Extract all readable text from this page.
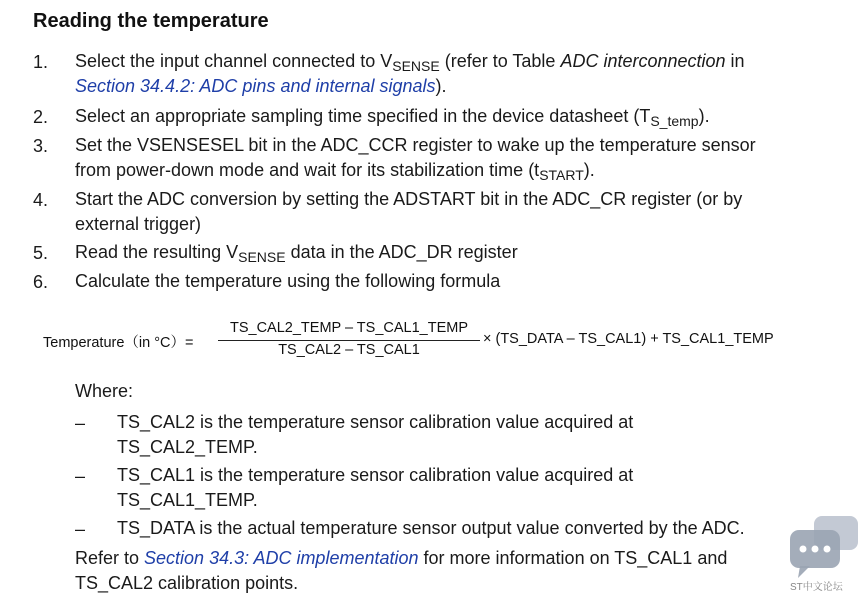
Reading the temperature
1. Select the input channel connected to $V_{SENSE}$ (refer to Table ADC interconnection in
Section 34.4.2: ADC pins and internal signals).
2. Select an appropriate sampling time specified in the device datasheet $(T_{S\_temp})$.
3. Set the VSENSESEL bit in the ADC_CCR register to wake up the temperature sensor
from power-down mode and wait for its stabilization time $(t_{START})$.
4. Start the ADC conversion by setting the ADSTART bit in the ADC_CR register (or by
external trigger)
5. Read the resulting $V_{SENSE}$ data in the ADC_DR register
6. Calculate the temperature using the following formula
Temperature（in °C）=
TS_CAL2_TEMP – TS_CAL1_TEMP
TS_CAL2 – TS_CAL1
× (TS_DATA – TS_CAL1) + TS_CAL1_TEMP
Where:
– TS_CAL2 is the temperature sensor calibration value acquired at
TS_CAL2_TEMP.
– TS_CAL1 is the temperature sensor calibration value acquired at
TS_CAL1_TEMP.
– TS_DATA is the actual temperature sensor output value converted by the ADC.
Refer to Section 34.3: ADC implementation for more information on TS_CAL1 and
TS_CAL2 calibration points.	ST中文论坛
